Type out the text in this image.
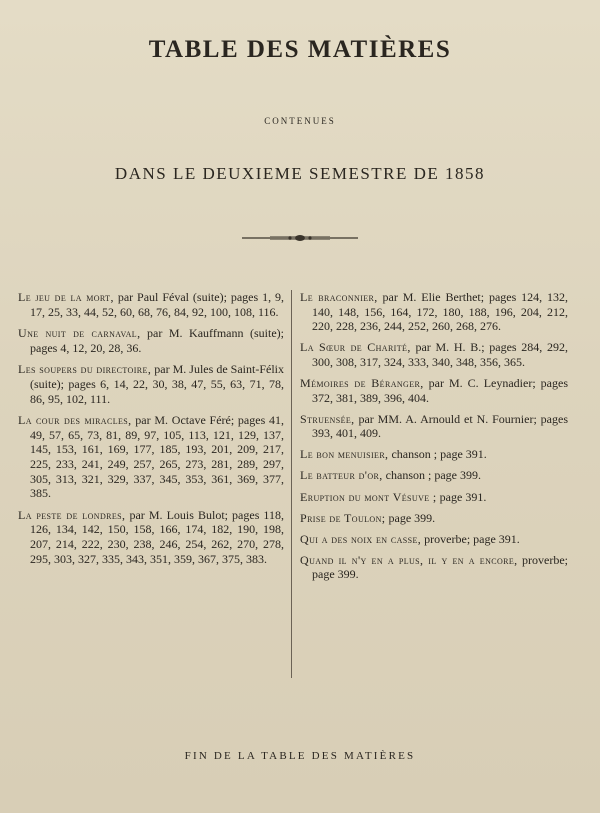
TABLE DES MATIÈRES
CONTENUES
DANS LE DEUXIEME SEMESTRE DE 1858
Le jeu de la mort, par Paul Féval (suite); pages 1, 9, 17, 25, 33, 44, 52, 60, 68, 76, 84, 92, 100, 108, 116.
Une nuit de carnaval, par M. Kauffmann (suite); pages 4, 12, 20, 28, 36.
Les soupers du directoire, par M. Jules de Saint-Félix (suite); pages 6, 14, 22, 30, 38, 47, 55, 63, 71, 78, 86, 95, 102, 111.
La cour des miracles, par M. Octave Féré; pages 41, 49, 57, 65, 73, 81, 89, 97, 105, 113, 121, 129, 137, 145, 153, 161, 169, 177, 185, 193, 201, 209, 217, 225, 233, 241, 249, 257, 265, 273, 281, 289, 297, 305, 313, 321, 329, 337, 345, 353, 361, 369, 377, 385.
La peste de londres, par M. Louis Bulot; pages 118, 126, 134, 142, 150, 158, 166, 174, 182, 190, 198, 207, 214, 222, 230, 238, 246, 254, 262, 270, 278, 295, 303, 327, 335, 343, 351, 359, 367, 375, 383.
Le braconnier, par M. Elie Berthet; pages 124, 132, 140, 148, 156, 164, 172, 180, 188, 196, 204, 212, 220, 228, 236, 244, 252, 260, 268, 276.
La Sœur de Charité, par M. H. B.; pages 284, 292, 300, 308, 317, 324, 333, 340, 348, 356, 365.
Mémoires de Béranger, par M. C. Leynadier; pages 372, 381, 389, 396, 404.
Struensée, par MM. A. Arnould et N. Fournier; pages 393, 401, 409.
Le bon menuisier, chanson ; page 391.
Le batteur d'or, chanson ; page 399.
Eruption du mont Vésuve ; page 391.
Prise de Toulon; page 399.
Qui a des noix en casse, proverbe; page 391.
Quand il n'y en a plus, il y en a encore, proverbe; page 399.
FIN DE LA TABLE DES MATIÈRES
